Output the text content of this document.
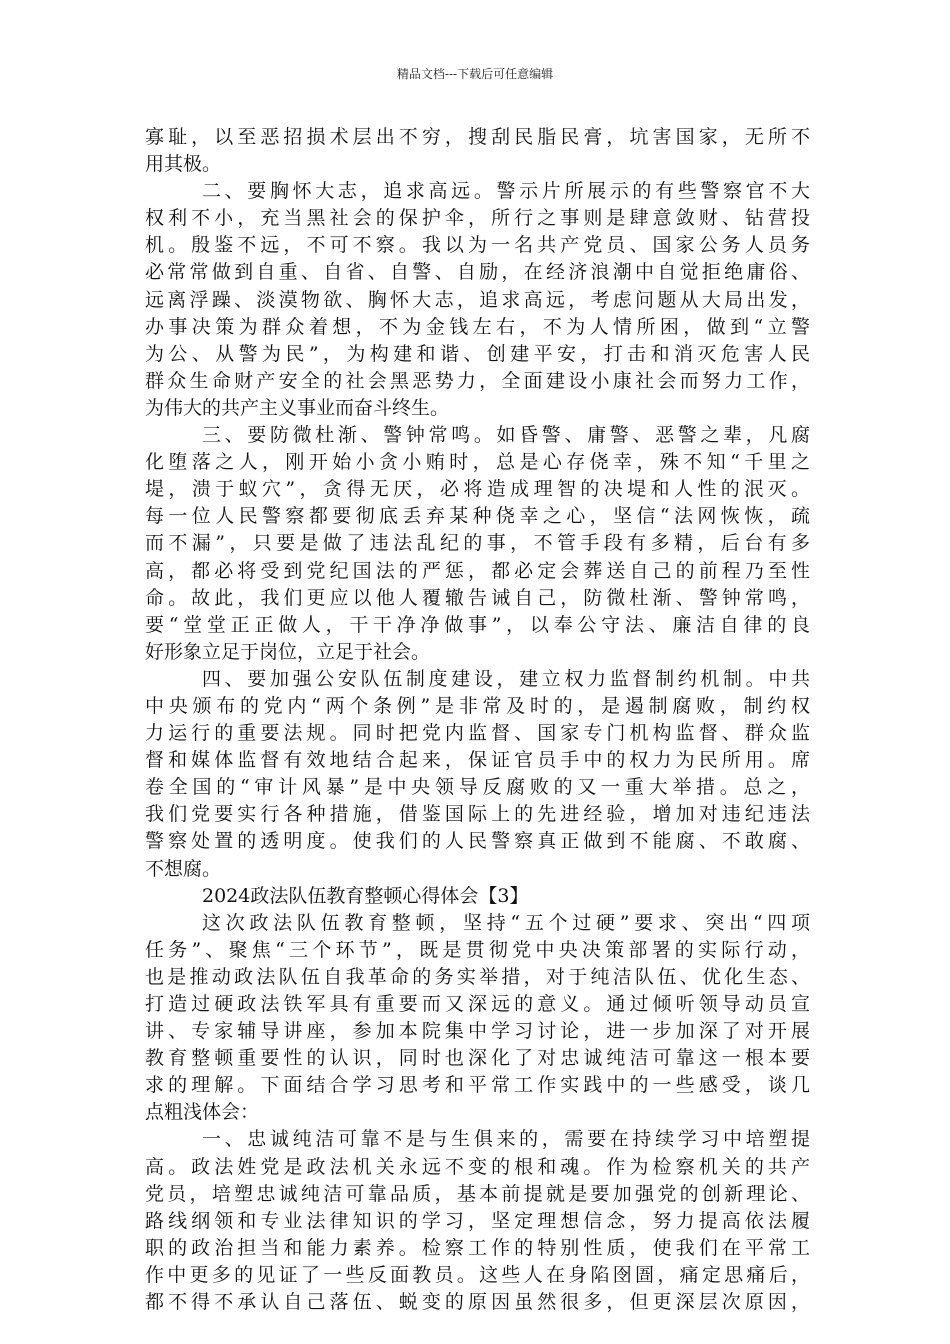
精品文档---下载后可任意编辑
寡耻，以至恶招损术层出不穷，搜刮民脂民膏，坑害国家，无所不
用其极。
二、要胸怀大志，追求高远。警示片所展示的有些警察官不大
权利不小，充当黑社会的保护伞，所行之事则是肆意敛财、钻营投
机。殷鉴不远，不可不察。我以为一名共产党员、国家公务人员务
必常常做到自重、自省、自警、自励，在经济浪潮中自觉拒绝庸俗、
远离浮躁、淡漠物欲、胸怀大志，追求高远，考虑问题从大局出发，
办事决策为群众着想，不为金钱左右，不为人情所困，做到“立警
为公、从警为民”，为构建和谐、创建平安，打击和消灭危害人民
群众生命财产安全的社会黑恶势力，全面建设小康社会而努力工作，
为伟大的共产主义事业而奋斗终生。
三、要防微杜渐、警钟常鸣。如昏警、庸警、恶警之辈，凡腐
化堕落之人，刚开始小贪小贿时，总是心存侥幸，殊不知“千里之
堤，溃于蚁穴”，贪得无厌，必将造成理智的决堤和人性的泯灭。
每一位人民警察都要彻底丢弃某种侥幸之心，坚信“法网恢恢，疏
而不漏”，只要是做了违法乱纪的事，不管手段有多精，后台有多
高，都必将受到党纪国法的严惩，都必定会葬送自己的前程乃至性
命。故此，我们更应以他人覆辙告诫自己，防微杜渐、警钟常鸣，
要“堂堂正正做人，干干净净做事”，以奉公守法、廉洁自律的良
好形象立足于岗位，立足于社会。
四、要加强公安队伍制度建设，建立权力监督制约机制。中共
中央颁布的党内“两个条例”是非常及时的，是遏制腐败，制约权
力运行的重要法规。同时把党内监督、国家专门机构监督、群众监
督和媒体监督有效地结合起来，保证官员手中的权力为民所用。席
卷全国的“审计风暴”是中央领导反腐败的又一重大举措。总之，
我们党要实行各种措施，借鉴国际上的先进经验，增加对违纪违法
警察处置的透明度。使我们的人民警察真正做到不能腐、不敢腐、
不想腐。
2024政法队伍教育整顿心得体会【3】
这次政法队伍教育整顿，坚持“五个过硬”要求、突出“四项
任务”、聚焦“三个环节”，既是贯彻党中央决策部署的实际行动，
也是推动政法队伍自我革命的务实举措，对于纯洁队伍、优化生态、
打造过硬政法铁军具有重要而又深远的意义。通过倾听领导动员宣
讲、专家辅导讲座，参加本院集中学习讨论，进一步加深了对开展
教育整顿重要性的认识，同时也深化了对忠诚纯洁可靠这一根本要
求的理解。下面结合学习思考和平常工作实践中的一些感受，谈几
点粗浅体会：
一、忠诚纯洁可靠不是与生俱来的，需要在持续学习中培塑提
高。政法姓党是政法机关永远不变的根和魂。作为检察机关的共产
党员，培塑忠诚纯洁可靠品质，基本前提就是要加强党的创新理论、
路线纲领和专业法律知识的学习，坚定理想信念，努力提高依法履
职的政治担当和能力素养。检察工作的特别性质，使我们在平常工
作中更多的见证了一些反面教员。这些人在身陷囹圄，痛定思痛后，
都不得不承认自己落伍、蜕变的原因虽然很多，但更深层次原因，
